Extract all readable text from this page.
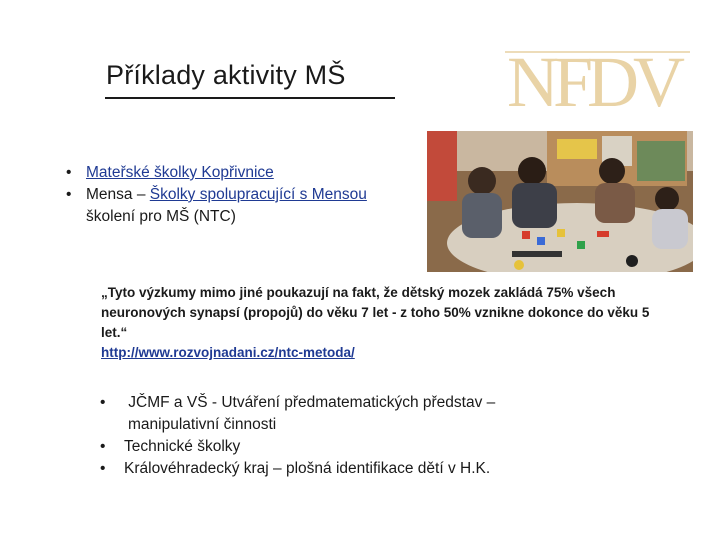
Příklady aktivity MŠ NFDV
• Mateřské školky Kopřivnice
• Mensa – Školky spolupracující s Mensou
školení pro MŠ (NTC)
„Tyto výzkumy mimo jiné poukazují na fakt, že dětský mozek zakládá 75% všech neuronových synapsí (propojů) do věku 7 let - z toho 50% vznikne dokonce do věku 5 let.“
http://www.rozvojnadani.cz/ntc-metoda/
•	JČMF a VŠ - Utváření předmatematických představ –
manipulativní činnosti
•	Technické školky
•	Královéhradecký kraj – plošná identifikace dětí v H.K.
